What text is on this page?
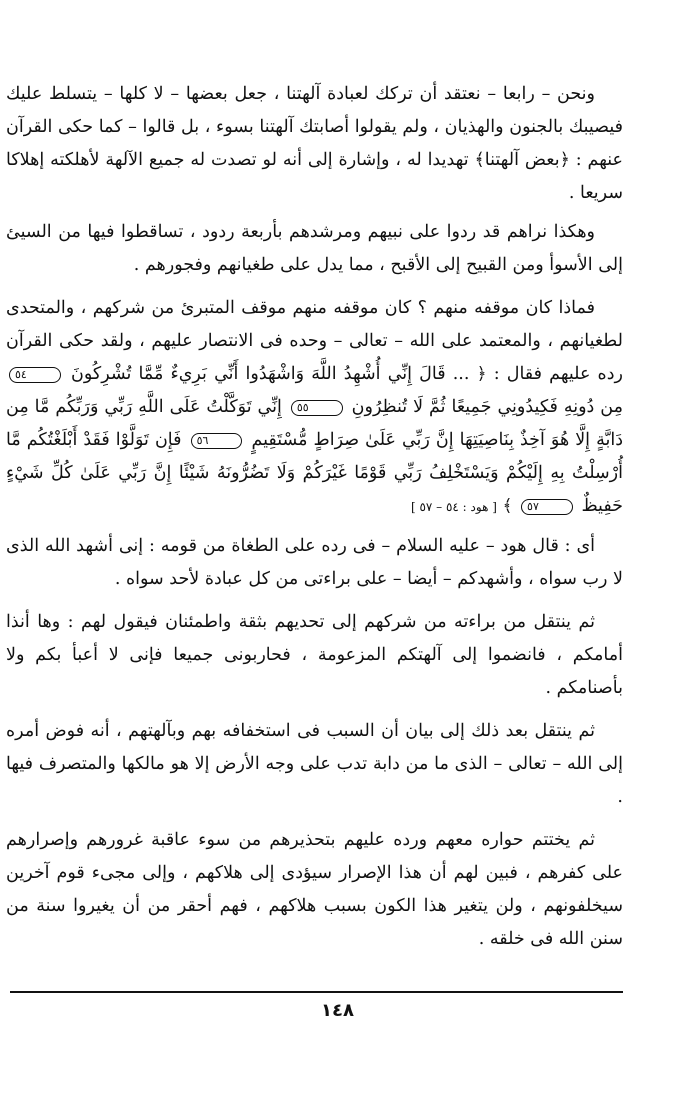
ونحن – رابعا – نعتقد أن تركك لعبادة آلهتنا ، جعل بعضها – لا كلها – يتسلط عليك فيصيبك بالجنون والهذيان ، ولم يقولوا أصابتك آلهتنا بسوء ، بل قالوا – كما حكى القرآن عنهم : ﴿بعض آلهتنا﴾ تهديدا له ، وإشارة إلى أنه لو تصدت له جميع الآلهة لأهلكته إهلاكا سريعا .

وهكذا نراهم قد ردوا على نبيهم ومرشدهم بأربعة ردود ، تساقطوا فيها من السيئ إلى الأسوأ ومن القبيح إلى الأقبح ، مما يدل على طغيانهم وفجورهم .

فماذا كان موقفه منهم ؟ كان موقفه منهم موقف المتبرئ من شركهم ، والمتحدى لطغيانهم ، والمعتمد على الله – تعالى – وحده فى الانتصار عليهم ، ولقد حكى القرآن رده عليهم فقال : ﴿ ... قَالَ إِنِّي أُشْهِدُ اللَّهَ وَاشْهَدُوا أَنِّي بَرِيءٌ مِّمَّا تُشْرِكُونَ ٥٤ مِن دُونِهِ فَكِيدُونِي جَمِيعًا ثُمَّ لَا تُنظِرُونِ ٥٥ إِنِّي تَوَكَّلْتُ عَلَى اللَّهِ رَبِّي وَرَبِّكُم مَّا مِن دَابَّةٍ إِلَّا هُوَ آخِذٌ بِنَاصِيَتِهَا إِنَّ رَبِّي عَلَىٰ صِرَاطٍ مُّسْتَقِيمٍ ٥٦ فَإِن تَوَلَّوْا فَقَدْ أَبْلَغْتُكُم مَّا أُرْسِلْتُ بِهِ إِلَيْكُمْ وَيَسْتَخْلِفُ رَبِّي قَوْمًا غَيْرَكُمْ وَلَا تَضُرُّونَهُ شَيْئًا إِنَّ رَبِّي عَلَىٰ كُلِّ شَيْءٍ حَفِيظٌ ٥٧ ﴾ [ هود : ٥٤ – ٥٧ ]

أى : قال هود – عليه السلام – فى رده على الطغاة من قومه : إنى أشهد الله الذى لا رب سواه ، وأشهدكم – أيضا – على براءتى من كل عبادة لأحد سواه .

ثم ينتقل من براءته من شركهم إلى تحديهم بثقة واطمئنان فيقول لهم : وها أنذا أمامكم ، فانضموا إلى آلهتكم المزعومة ، فحاربونى جميعا فإنى لا أعبأ بكم ولا بأصنامكم .

ثم ينتقل بعد ذلك إلى بيان أن السبب فى استخفافه بهم وبآلهتهم ، أنه فوض أمره إلى الله – تعالى – الذى ما من دابة تدب على وجه الأرض إلا هو مالكها والمتصرف فيها .

ثم يختتم حواره معهم ورده عليهم بتحذيرهم من سوء عاقبة غرورهم وإصرارهم على كفرهم ، فبين لهم أن هذا الإصرار سيؤدى إلى هلاكهم ، وإلى مجىء قوم آخرين سيخلفونهم ، ولن يتغير هذا الكون بسبب هلاكهم ، فهم أحقر من أن يغيروا سنة من سنن الله فى خلقه .

١٤٨
